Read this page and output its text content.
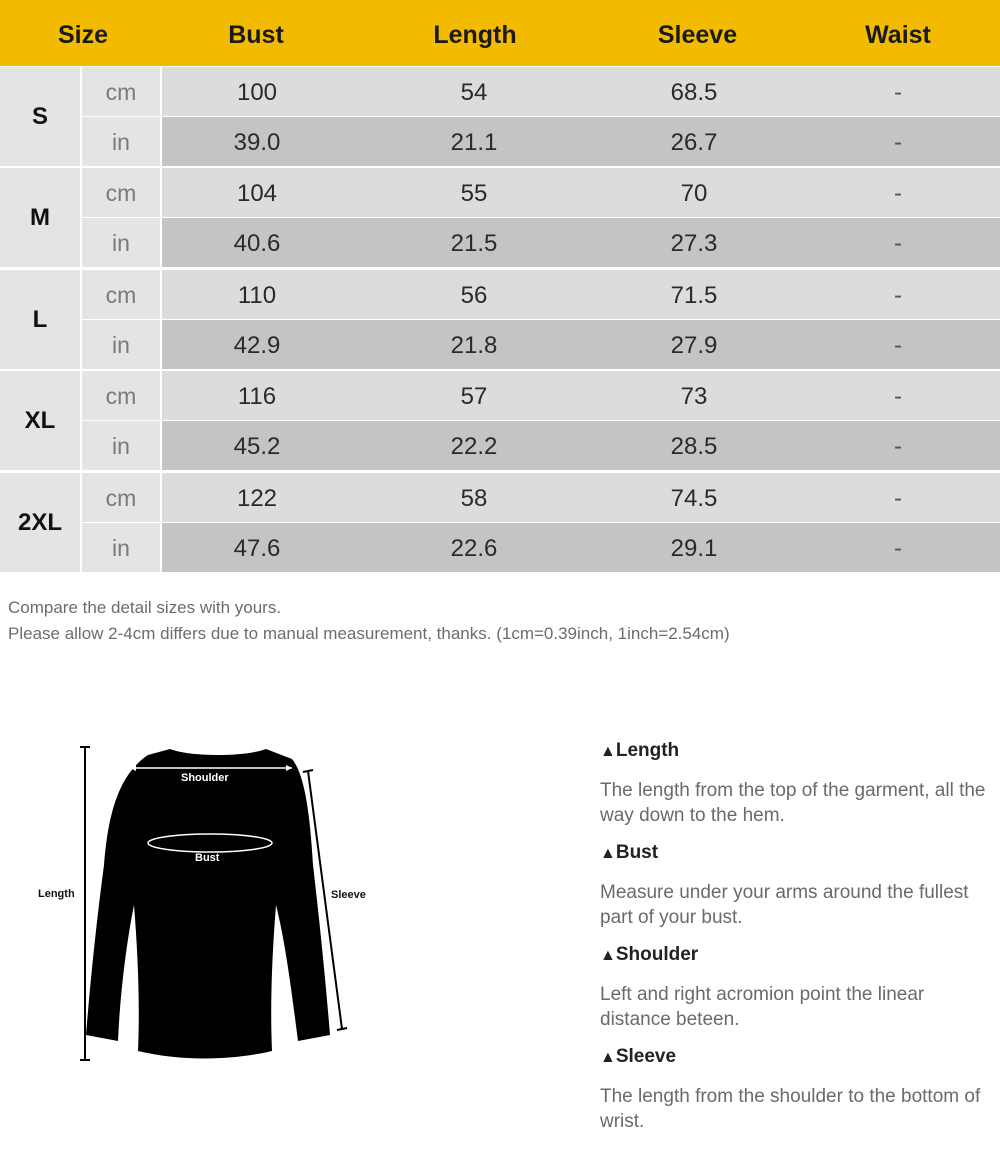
Size	Bust	Length	Sleeve	Waist
S
cm	100	54	68.5	-
in	39.0	21.1	26.7	-
M
cm	104	55	70	-
in	40.6	21.5	27.3	-
L
cm	110	56	71.5	-
in	42.9	21.8	27.9	-
XL
cm	116	57	73	-
in	45.2	22.2	28.5	-
2XL
cm	122	58	74.5	-
in	47.6	22.6	29.1	-
Compare the detail sizes with yours.
Please allow 2-4cm differs due to manual measurement, thanks. (1cm=0.39inch, 1inch=2.54cm)
Shoulder
Bust
Length	Sleeve

▲Length

The length from the top of the garment, all the way down to the hem.

▲Bust

Measure under your arms around the fullest part of your bust.

▲Shoulder

Left and right acromion point the linear distance beteen.

▲Sleeve

The length from the shoulder to the bottom of wrist.
